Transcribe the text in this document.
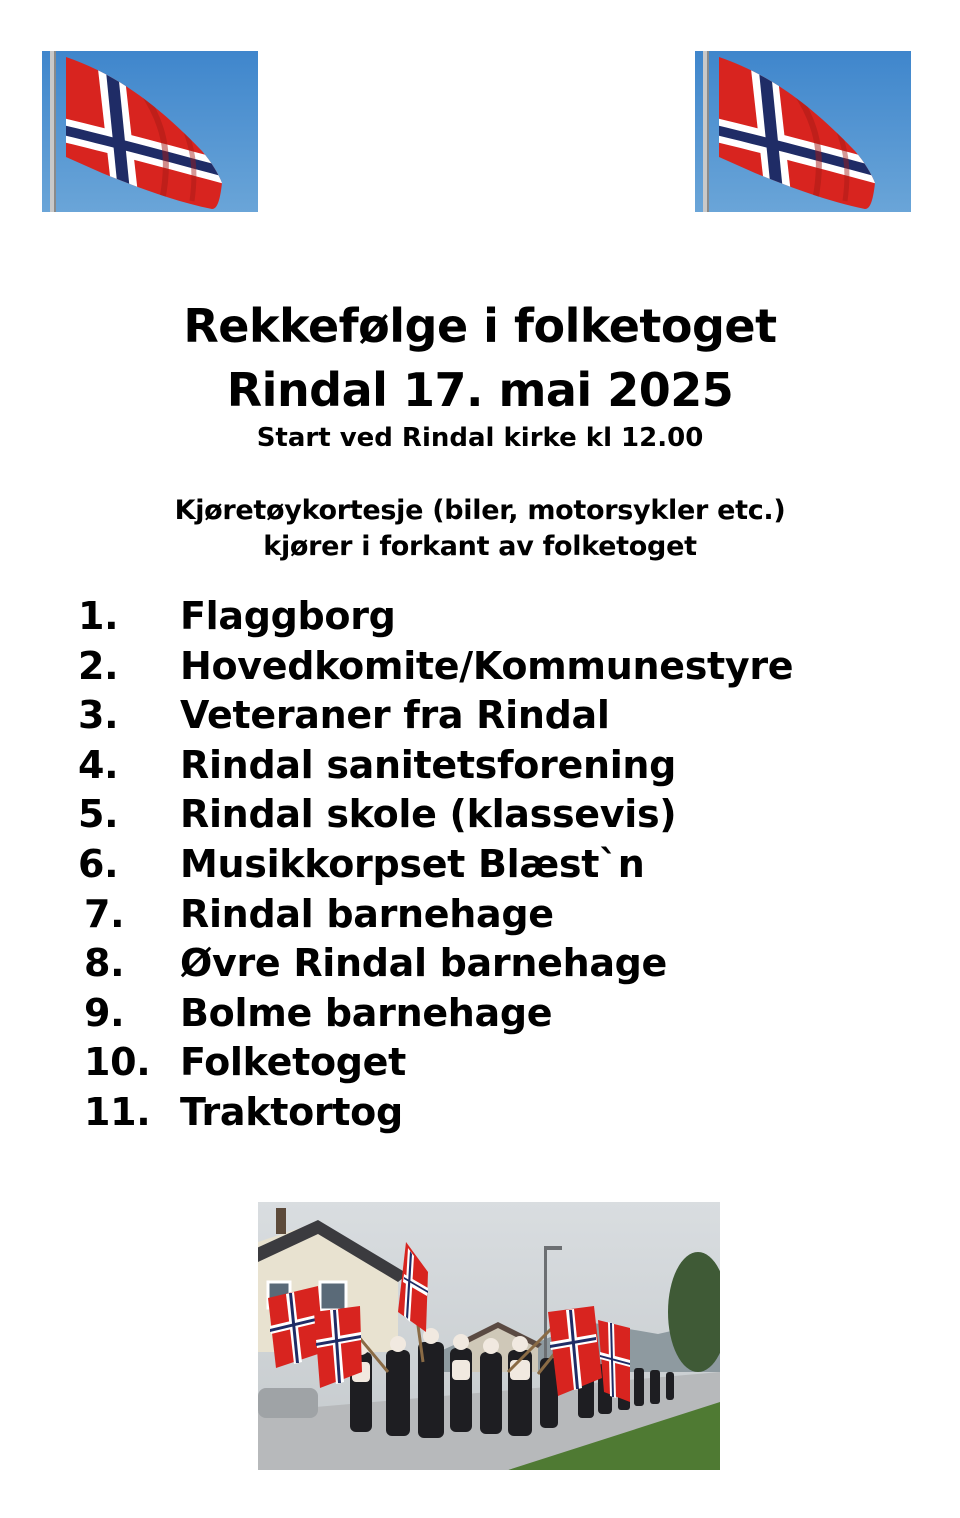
Rekkefølge i folketoget
Rindal 17. mai 2025
Start ved Rindal kirke kl 12.00
Kjøretøykortesje (biler, motorsykler etc.)
kjører i forkant av folketoget
1. Flaggborg
2. Hovedkomite/Kommunestyre
3. Veteraner fra Rindal
4. Rindal sanitetsforening
5. Rindal skole (klassevis)
6. Musikkorpset Blæst`n
7. Rindal barnehage
8. Øvre Rindal barnehage
9. Bolme barnehage
10. Folketoget
11. Traktortog
